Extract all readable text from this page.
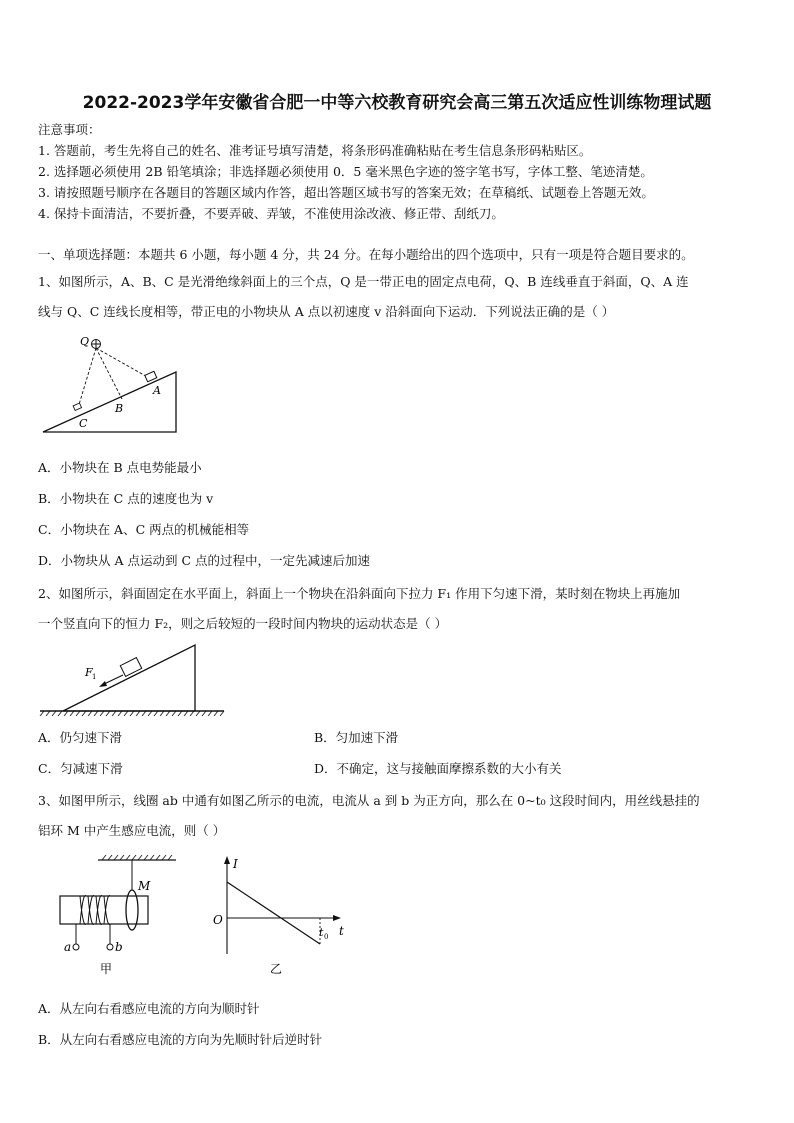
2022-2023学年安徽省合肥一中等六校教育研究会高三第五次适应性训练物理试题
注意事项：
1. 答题前，考生先将自己的姓名、准考证号填写清楚，将条形码准确粘贴在考生信息条形码粘贴区。
2. 选择题必须使用 2B 铅笔填涂；非选择题必须使用 0．5 毫米黑色字迹的签字笔书写，字体工整、笔迹清楚。
3. 请按照题号顺序在各题目的答题区域内作答，超出答题区域书写的答案无效；在草稿纸、试题卷上答题无效。
4. 保持卡面清洁，不要折叠，不要弄破、弄皱，不准使用涂改液、修正带、刮纸刀。
一、单项选择题：本题共 6 小题，每小题 4 分，共 24 分。在每小题给出的四个选项中，只有一项是符合题目要求的。
1、如图所示，A、B、C 是光滑绝缘斜面上的三个点，Q 是一带正电的固定点电荷，Q、B 连线垂直于斜面，Q、A 连
线与 Q、C 连线长度相等，带正电的小物块从 A 点以初速度 v 沿斜面向下运动．下列说法正确的是（ ）
Q
A
B
C
A．小物块在 B 点电势能最小
B．小物块在 C 点的速度也为 v
C．小物块在 A、C 两点的机械能相等
D．小物块从 A 点运动到 C 点的过程中，一定先减速后加速
2、如图所示，斜面固定在水平面上，斜面上一个物块在沿斜面向下拉力 F₁ 作用下匀速下滑，某时刻在物块上再施加
一个竖直向下的恒力 F₂，则之后较短的一段时间内物块的运动状态是（ ）
F 1
A．仍匀速下滑	B．匀加速下滑
C．匀减速下滑	D．不确定，这与接触面摩擦系数的大小有关
3、如图甲所示，线圈 ab 中通有如图乙所示的电流，电流从 a 到 b 为正方向，那么在 0~t₀ 这段时间内，用丝线悬挂的
铝环 M 中产生感应电流，则（ ）
M
a	b
甲
I
O
t 0 t
乙
A．从左向右看感应电流的方向为顺时针
B．从左向右看感应电流的方向为先顺时针后逆时针
